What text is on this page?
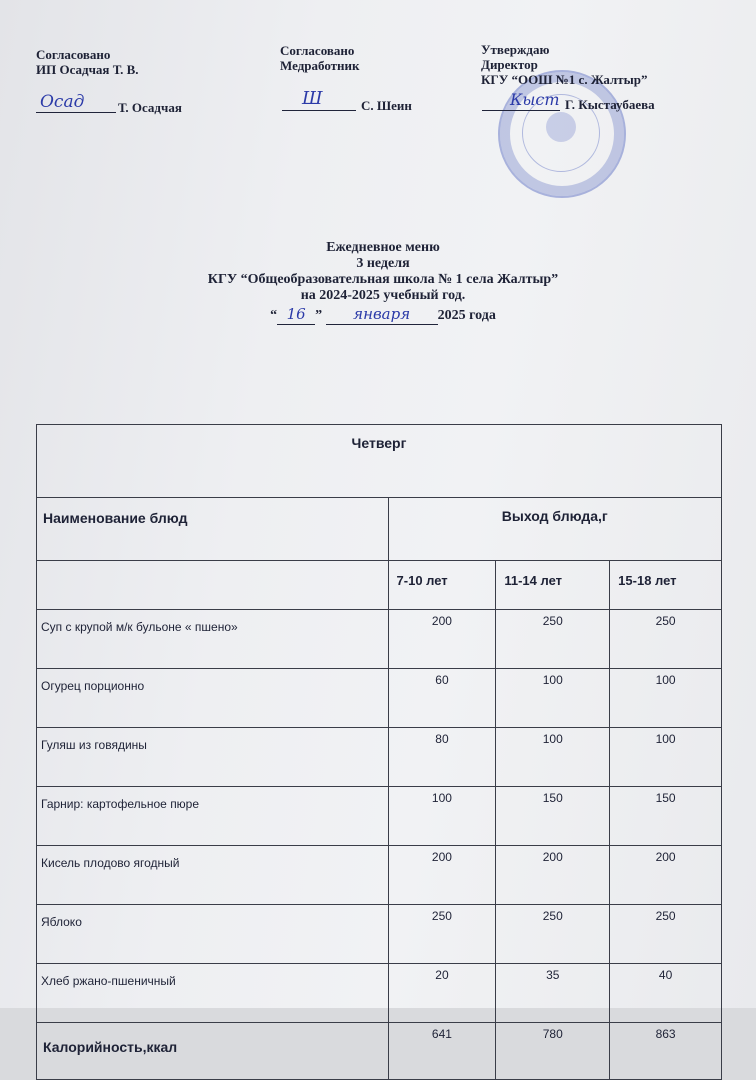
Согласовано
ИП Осадчая Т. В.
Осад	Т. Осадчая
Согласовано
Медработник
Ш	С. Шеин
Утверждаю
Директор
КГУ “ООШ №1 с. Жалтыр”
Кыст Г. Кыстаубаева
Ежедневное меню
3 неделя
КГУ “Общеобразовательная школа № 1 села Жалтыр”
на 2024-2025 учебный год.
“ 16 ” января 2025 года
Четверг			
Наименование блюд	Выход блюда,г		
	7-10 лет	11-14 лет	15-18 лет
Суп с крупой м/к бульоне « пшено»	200	250	250
Огурец порционно	60	100	100
Гуляш из говядины	80	100	100
Гарнир: картофельное пюре	100	150	150
Кисель плодово ягодный	200	200	200
Яблоко	250	250	250
Хлеб ржано-пшеничный	20	35	40
Калорийность,ккал	641	780	863
